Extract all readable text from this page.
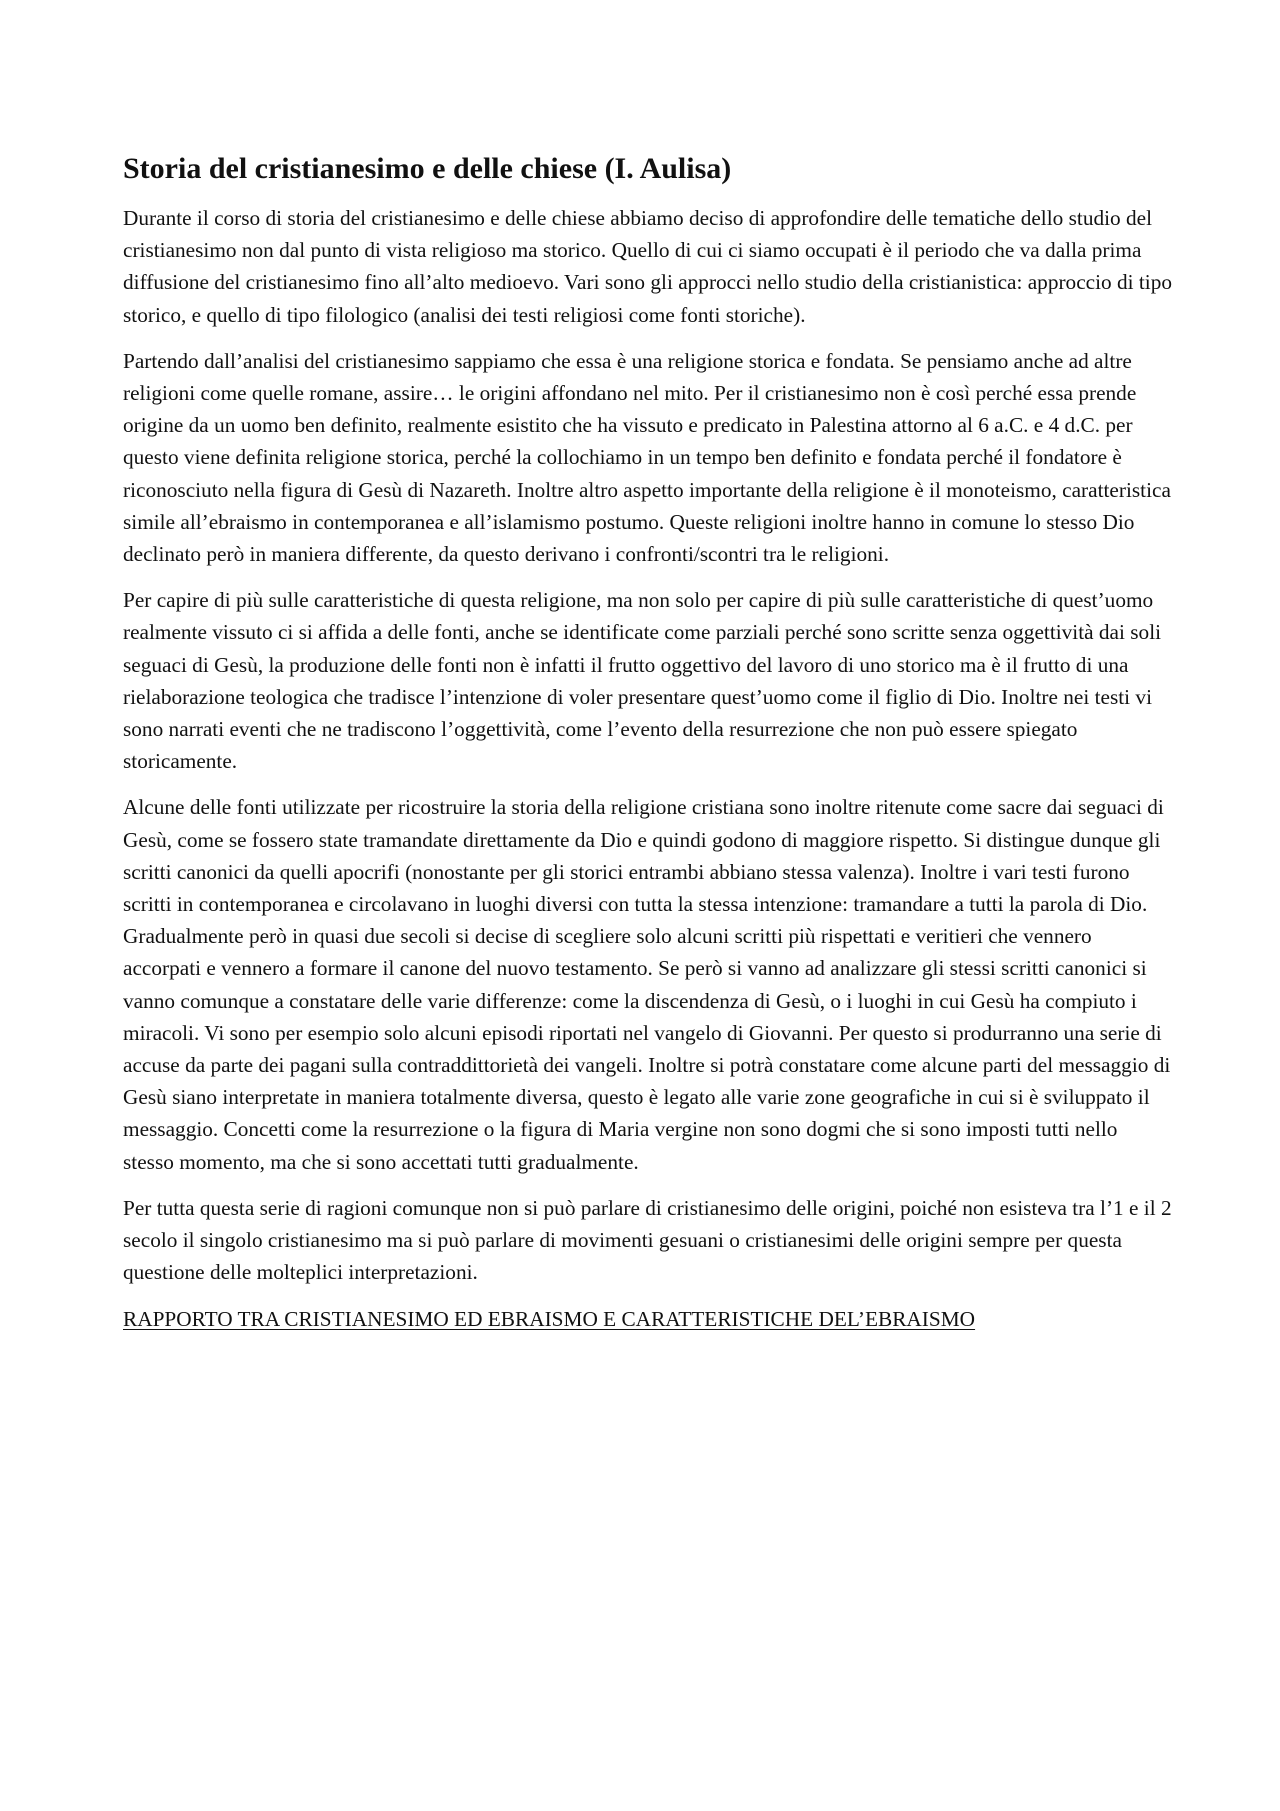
Storia del cristianesimo e delle chiese (I. Aulisa)

Durante il corso di storia del cristianesimo e delle chiese abbiamo deciso di approfondire delle tematiche dello studio del cristianesimo non dal punto di vista religioso ma storico. Quello di cui ci siamo occupati è il periodo che va dalla prima diffusione del cristianesimo fino all’alto medioevo. Vari sono gli approcci nello studio della cristianistica: approccio di tipo storico, e quello di tipo filologico (analisi dei testi religiosi come fonti storiche).

Partendo dall’analisi del cristianesimo sappiamo che essa è una religione storica e fondata. Se pensiamo anche ad altre religioni come quelle romane, assire… le origini affondano nel mito. Per il cristianesimo non è così perché essa prende origine da un uomo ben definito, realmente esistito che ha vissuto e predicato in Palestina attorno al 6 a.C. e 4 d.C. per questo viene definita religione storica, perché la collochiamo in un tempo ben definito e fondata perché il fondatore è riconosciuto nella figura di Gesù di Nazareth. Inoltre altro aspetto importante della religione è il monoteismo, caratteristica simile all’ebraismo in contemporanea e all’islamismo postumo. Queste religioni inoltre hanno in comune lo stesso Dio declinato però in maniera differente, da questo derivano i confronti/scontri tra le religioni.

Per capire di più sulle caratteristiche di questa religione, ma non solo per capire di più sulle caratteristiche di quest’uomo realmente vissuto ci si affida a delle fonti, anche se identificate come parziali perché sono scritte senza oggettività dai soli seguaci di Gesù, la produzione delle fonti non è infatti il frutto oggettivo del lavoro di uno storico ma è il frutto di una rielaborazione teologica che tradisce l’intenzione di voler presentare quest’uomo come il figlio di Dio. Inoltre nei testi vi sono narrati eventi che ne tradiscono l’oggettività, come l’evento della resurrezione che non può essere spiegato storicamente.

Alcune delle fonti utilizzate per ricostruire la storia della religione cristiana sono inoltre ritenute come sacre dai seguaci di Gesù, come se fossero state tramandate direttamente da Dio e quindi godono di maggiore rispetto. Si distingue dunque gli scritti canonici da quelli apocrifi (nonostante per gli storici entrambi abbiano stessa valenza). Inoltre i vari testi furono scritti in contemporanea e circolavano in luoghi diversi con tutta la stessa intenzione: tramandare a tutti la parola di Dio. Gradualmente però in quasi due secoli si decise di scegliere solo alcuni scritti più rispettati e veritieri che vennero accorpati e vennero a formare il canone del nuovo testamento. Se però si vanno ad analizzare gli stessi scritti canonici si vanno comunque a constatare delle varie differenze: come la discendenza di Gesù, o i luoghi in cui Gesù ha compiuto i miracoli. Vi sono per esempio solo alcuni episodi riportati nel vangelo di Giovanni. Per questo si produrranno una serie di accuse da parte dei pagani sulla contraddittorietà dei vangeli. Inoltre si potrà constatare come alcune parti del messaggio di Gesù siano interpretate in maniera totalmente diversa, questo è legato alle varie zone geografiche in cui si è sviluppato il messaggio. Concetti come la resurrezione o la figura di Maria vergine non sono dogmi che si sono imposti tutti nello stesso momento, ma che si sono accettati tutti gradualmente.

Per tutta questa serie di ragioni comunque non si può parlare di cristianesimo delle origini, poiché non esisteva tra l’1 e il 2 secolo il singolo cristianesimo ma si può parlare di movimenti gesuani o cristianesimi delle origini sempre per questa questione delle molteplici interpretazioni.

RAPPORTO TRA CRISTIANESIMO ED EBRAISMO E CARATTERISTICHE DEL’EBRAISMO
